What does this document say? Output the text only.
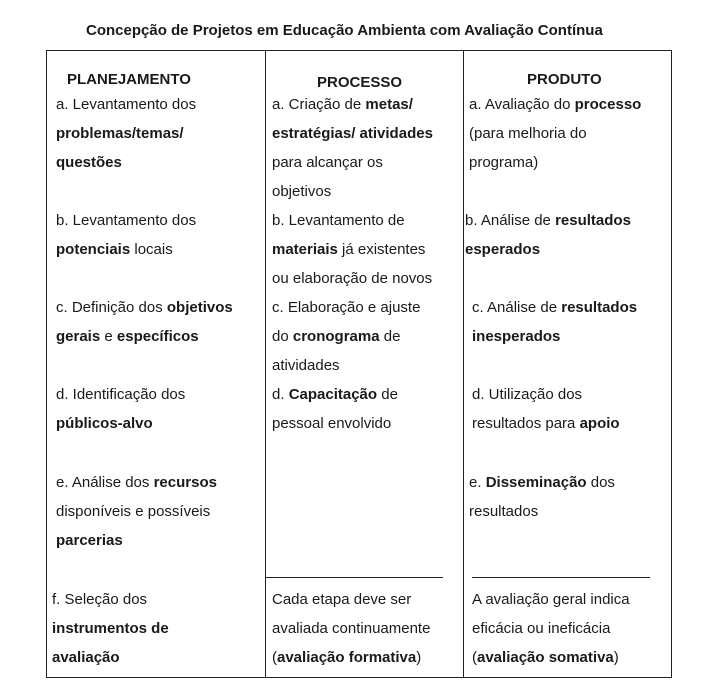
Concepção de Projetos em Educação Ambienta com Avaliação Contínua
PLANEJAMENTO	PROCESSO	PRODUTO
a. Levantamento dos
problemas/temas/
questões
b. Levantamento dos
potenciais locais
c. Definição dos objetivos
gerais e específicos
d. Identificação dos
públicos-alvo
e. Análise dos recursos
disponíveis e possíveis
parcerias
f. Seleção dos
instrumentos de
avaliação
a. Criação de metas/
estratégias/ atividades
para alcançar os
objetivos
b. Levantamento de
materiais já existentes
ou elaboração de novos
c. Elaboração e ajuste
do cronograma de
atividades
d. Capacitação de
pessoal envolvido
Cada etapa deve ser
avaliada continuamente
(avaliação formativa)
a. Avaliação do processo
(para melhoria do
programa)
b. Análise de resultados
esperados
c. Análise de resultados
inesperados
d. Utilização dos
resultados para apoio
e. Disseminação dos
resultados
A avaliação geral indica
eficácia ou ineficácia
(avaliação somativa)
